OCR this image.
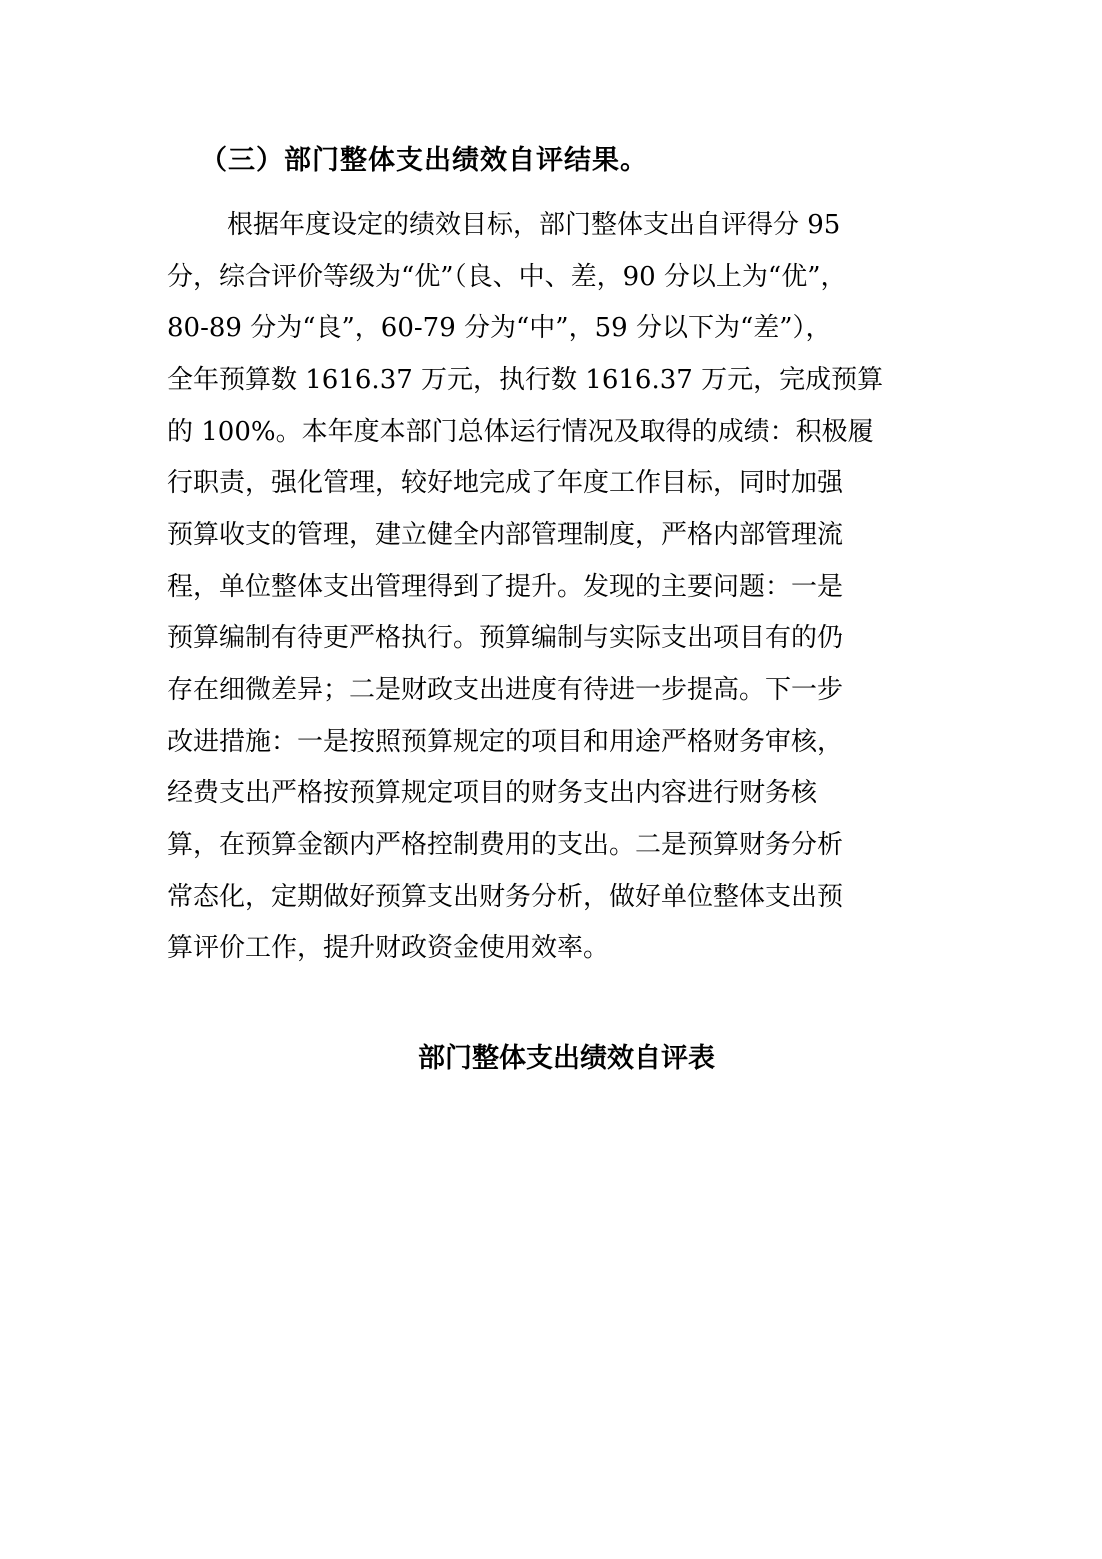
（三）部门整体支出绩效自评结果。
根据年度设定的绩效目标，部门整体支出自评得分 95
分，综合评价等级为“优”（良、中、差，90 分以上为“优”，
80-89 分为“良”，60-79 分为“中”，59 分以下为“差”），
全年预算数 1616.37 万元，执行数 1616.37 万元，完成预算
的 100%。本年度本部门总体运行情况及取得的成绩：积极履
行职责，强化管理，较好地完成了年度工作目标，同时加强
预算收支的管理，建立健全内部管理制度，严格内部管理流
程，单位整体支出管理得到了提升。发现的主要问题：一是
预算编制有待更严格执行。预算编制与实际支出项目有的仍
存在细微差异；二是财政支出进度有待进一步提高。下一步
改进措施：一是按照预算规定的项目和用途严格财务审核，
经费支出严格按预算规定项目的财务支出内容进行财务核
算，在预算金额内严格控制费用的支出。二是预算财务分析
常态化，定期做好预算支出财务分析，做好单位整体支出预
算评价工作，提升财政资金使用效率。
部门整体支出绩效自评表
